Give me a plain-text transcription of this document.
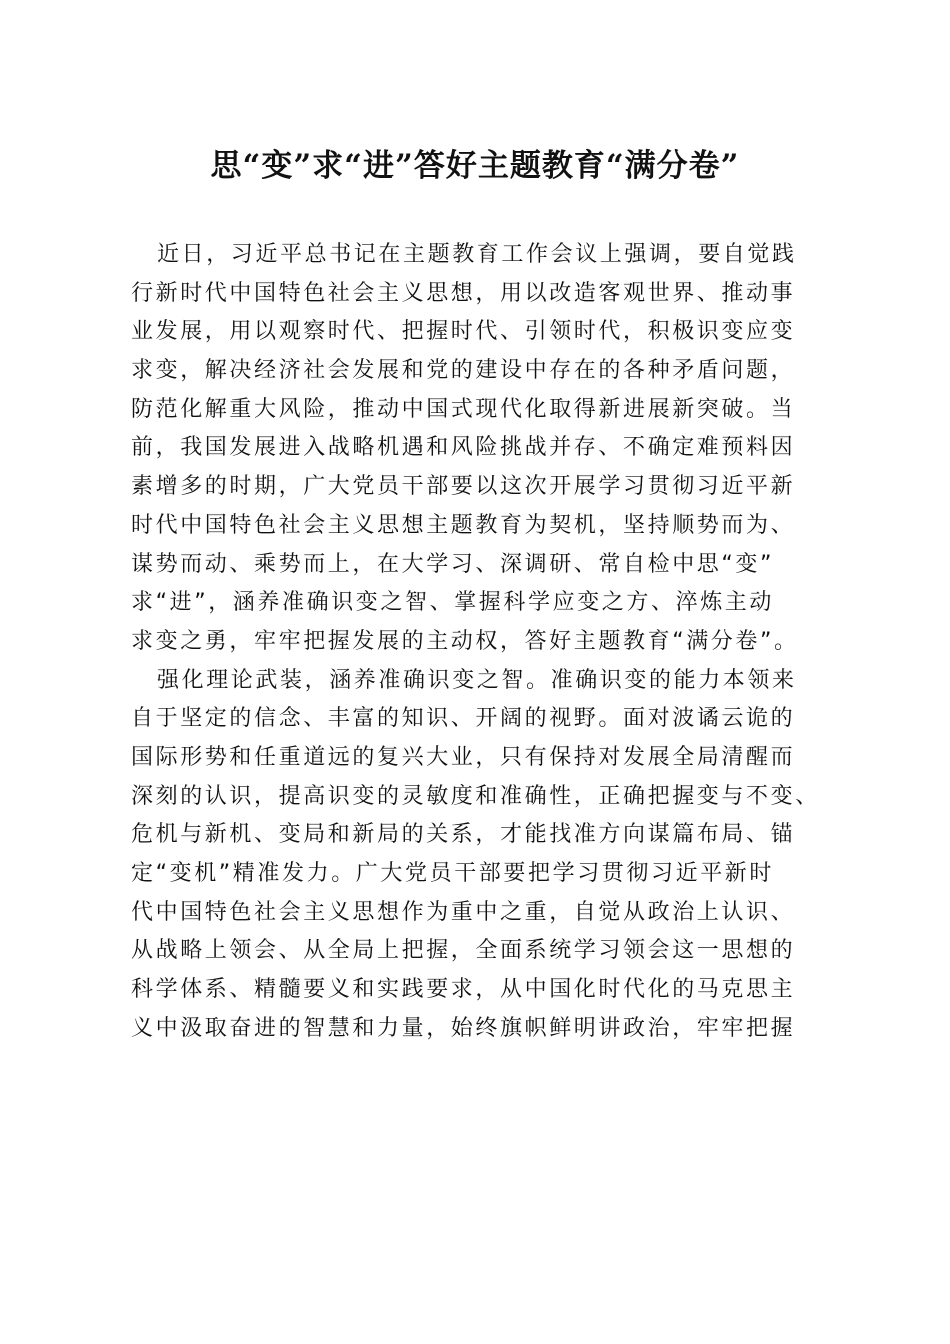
思“变”求“进”答好主题教育“满分卷”
近日，习近平总书记在主题教育工作会议上强调，要自觉践
行新时代中国特色社会主义思想，用以改造客观世界、推动事
业发展，用以观察时代、把握时代、引领时代，积极识变应变
求变，解决经济社会发展和党的建设中存在的各种矛盾问题，
防范化解重大风险，推动中国式现代化取得新进展新突破。当
前，我国发展进入战略机遇和风险挑战并存、不确定难预料因
素增多的时期，广大党员干部要以这次开展学习贯彻习近平新
时代中国特色社会主义思想主题教育为契机，坚持顺势而为、
谋势而动、乘势而上，在大学习、深调研、常自检中思“变”
求“进”，涵养准确识变之智、掌握科学应变之方、淬炼主动
求变之勇，牢牢把握发展的主动权，答好主题教育“满分卷”。
强化理论武装，涵养准确识变之智。准确识变的能力本领来
自于坚定的信念、丰富的知识、开阔的视野。面对波谲云诡的
国际形势和任重道远的复兴大业，只有保持对发展全局清醒而
深刻的认识，提高识变的灵敏度和准确性，正确把握变与不变、
危机与新机、变局和新局的关系，才能找准方向谋篇布局、锚
定“变机”精准发力。广大党员干部要把学习贯彻习近平新时
代中国特色社会主义思想作为重中之重，自觉从政治上认识、
从战略上领会、从全局上把握，全面系统学习领会这一思想的
科学体系、精髓要义和实践要求，从中国化时代化的马克思主
义中汲取奋进的智慧和力量，始终旗帜鲜明讲政治，牢牢把握
